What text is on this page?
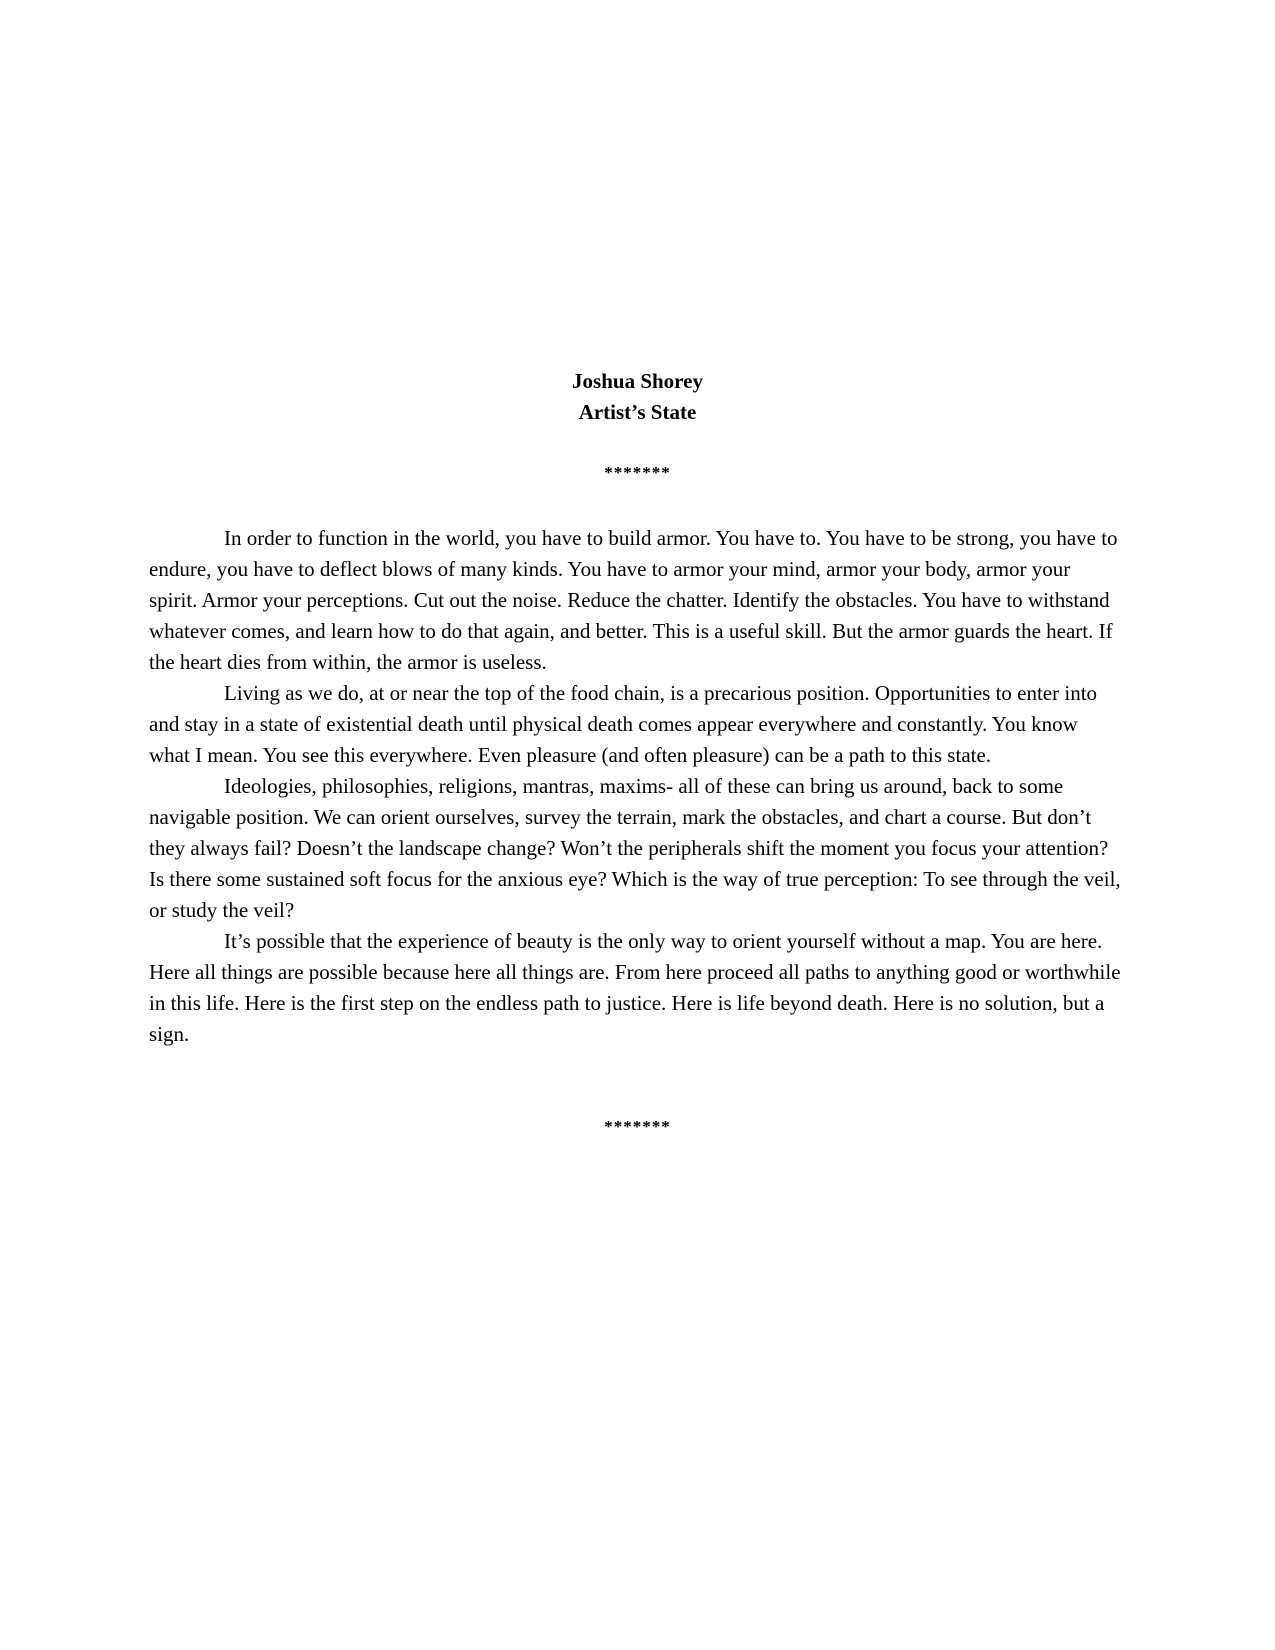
Joshua Shorey
Artist’s State
*******

In order to function in the world, you have to build armor. You have to. You have to be strong, you have to endure, you have to deflect blows of many kinds. You have to armor your mind, armor your body, armor your spirit. Armor your perceptions. Cut out the noise. Reduce the chatter. Identify the obstacles. You have to withstand whatever comes, and learn how to do that again, and better. This is a useful skill. But the armor guards the heart. If the heart dies from within, the armor is useless.

Living as we do, at or near the top of the food chain, is a precarious position. Opportunities to enter into and stay in a state of existential death until physical death comes appear everywhere and constantly. You know what I mean. You see this everywhere. Even pleasure (and often pleasure) can be a path to this state.

Ideologies, philosophies, religions, mantras, maxims- all of these can bring us around, back to some navigable position. We can orient ourselves, survey the terrain, mark the obstacles, and chart a course. But don’t they always fail? Doesn’t the landscape change? Won’t the peripherals shift the moment you focus your attention? Is there some sustained soft focus for the anxious eye? Which is the way of true perception: To see through the veil, or study the veil?

It’s possible that the experience of beauty is the only way to orient yourself without a map. You are here. Here all things are possible because here all things are. From here proceed all paths to anything good or worthwhile in this life. Here is the first step on the endless path to justice. Here is life beyond death. Here is no solution, but a sign.

*******
